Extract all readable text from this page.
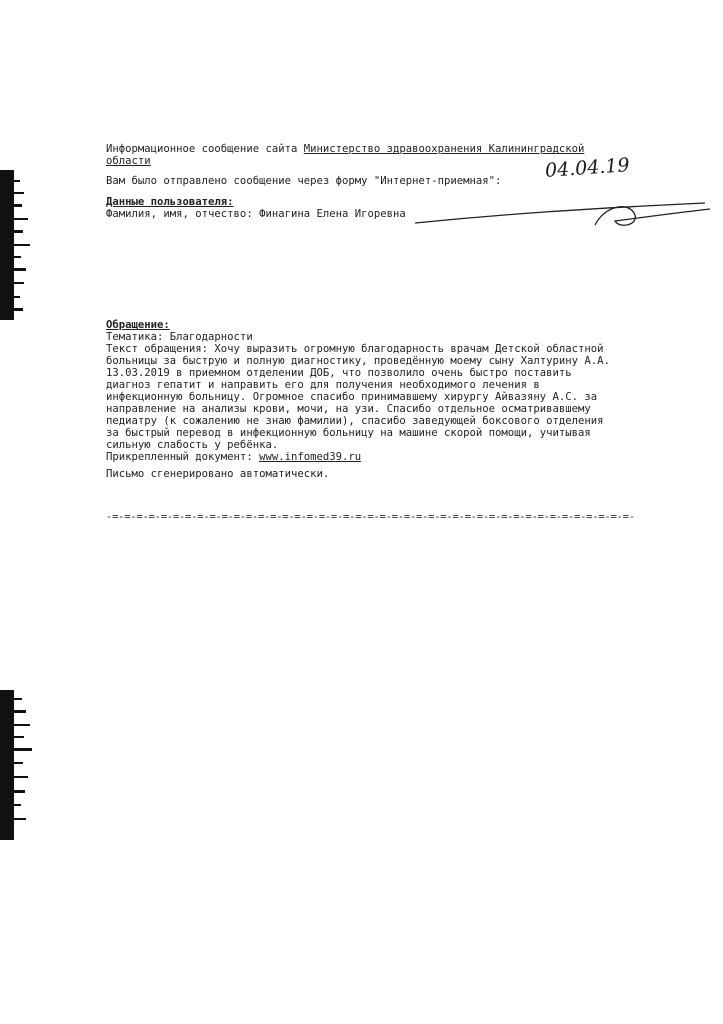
Информационное сообщение сайта Министерство здравоохранения Калининградской
области
Вам было отправлено сообщение через форму "Интернет-приемная": 04.04.19
Данные пользователя:
Фамилия, имя, отчество: Финагина Елена Игоревна
Обращение:
Тематика: Благодарности
Текст обращения: Хочу выразить огромную благодарность врачам Детской областной
больницы за быструю и полную диагностику, проведённую моему сыну Халтурину А.А.
13.03.2019 в приемном отделении ДОБ, что позволило очень быстро поставить
диагноз гепатит и направить его для получения необходимого лечения в
инфекционную больницу. Огромное спасибо принимавшему хирургу Айвазяну А.С. за
направление на анализы крови, мочи, на узи. Спасибо отдельное осматривавшему
педиатру (к сожалению не знаю фамилии), спасибо заведующей боксового отделения
за быстрый перевод в инфекционную больницу на машине скорой помощи, учитывая
сильную слабость у ребёнка.
Прикрепленный документ: www.infomed39.ru
Письмо сгенерировано автоматически.
-=-=-=-=-=-=-=-=-=-=-=-=-=-=-=-=-=-=-=-=-=-=-=-=-=-=-=-=-=-=-=-=-=-=-=-=-=-=-=-=-=-=-=-
